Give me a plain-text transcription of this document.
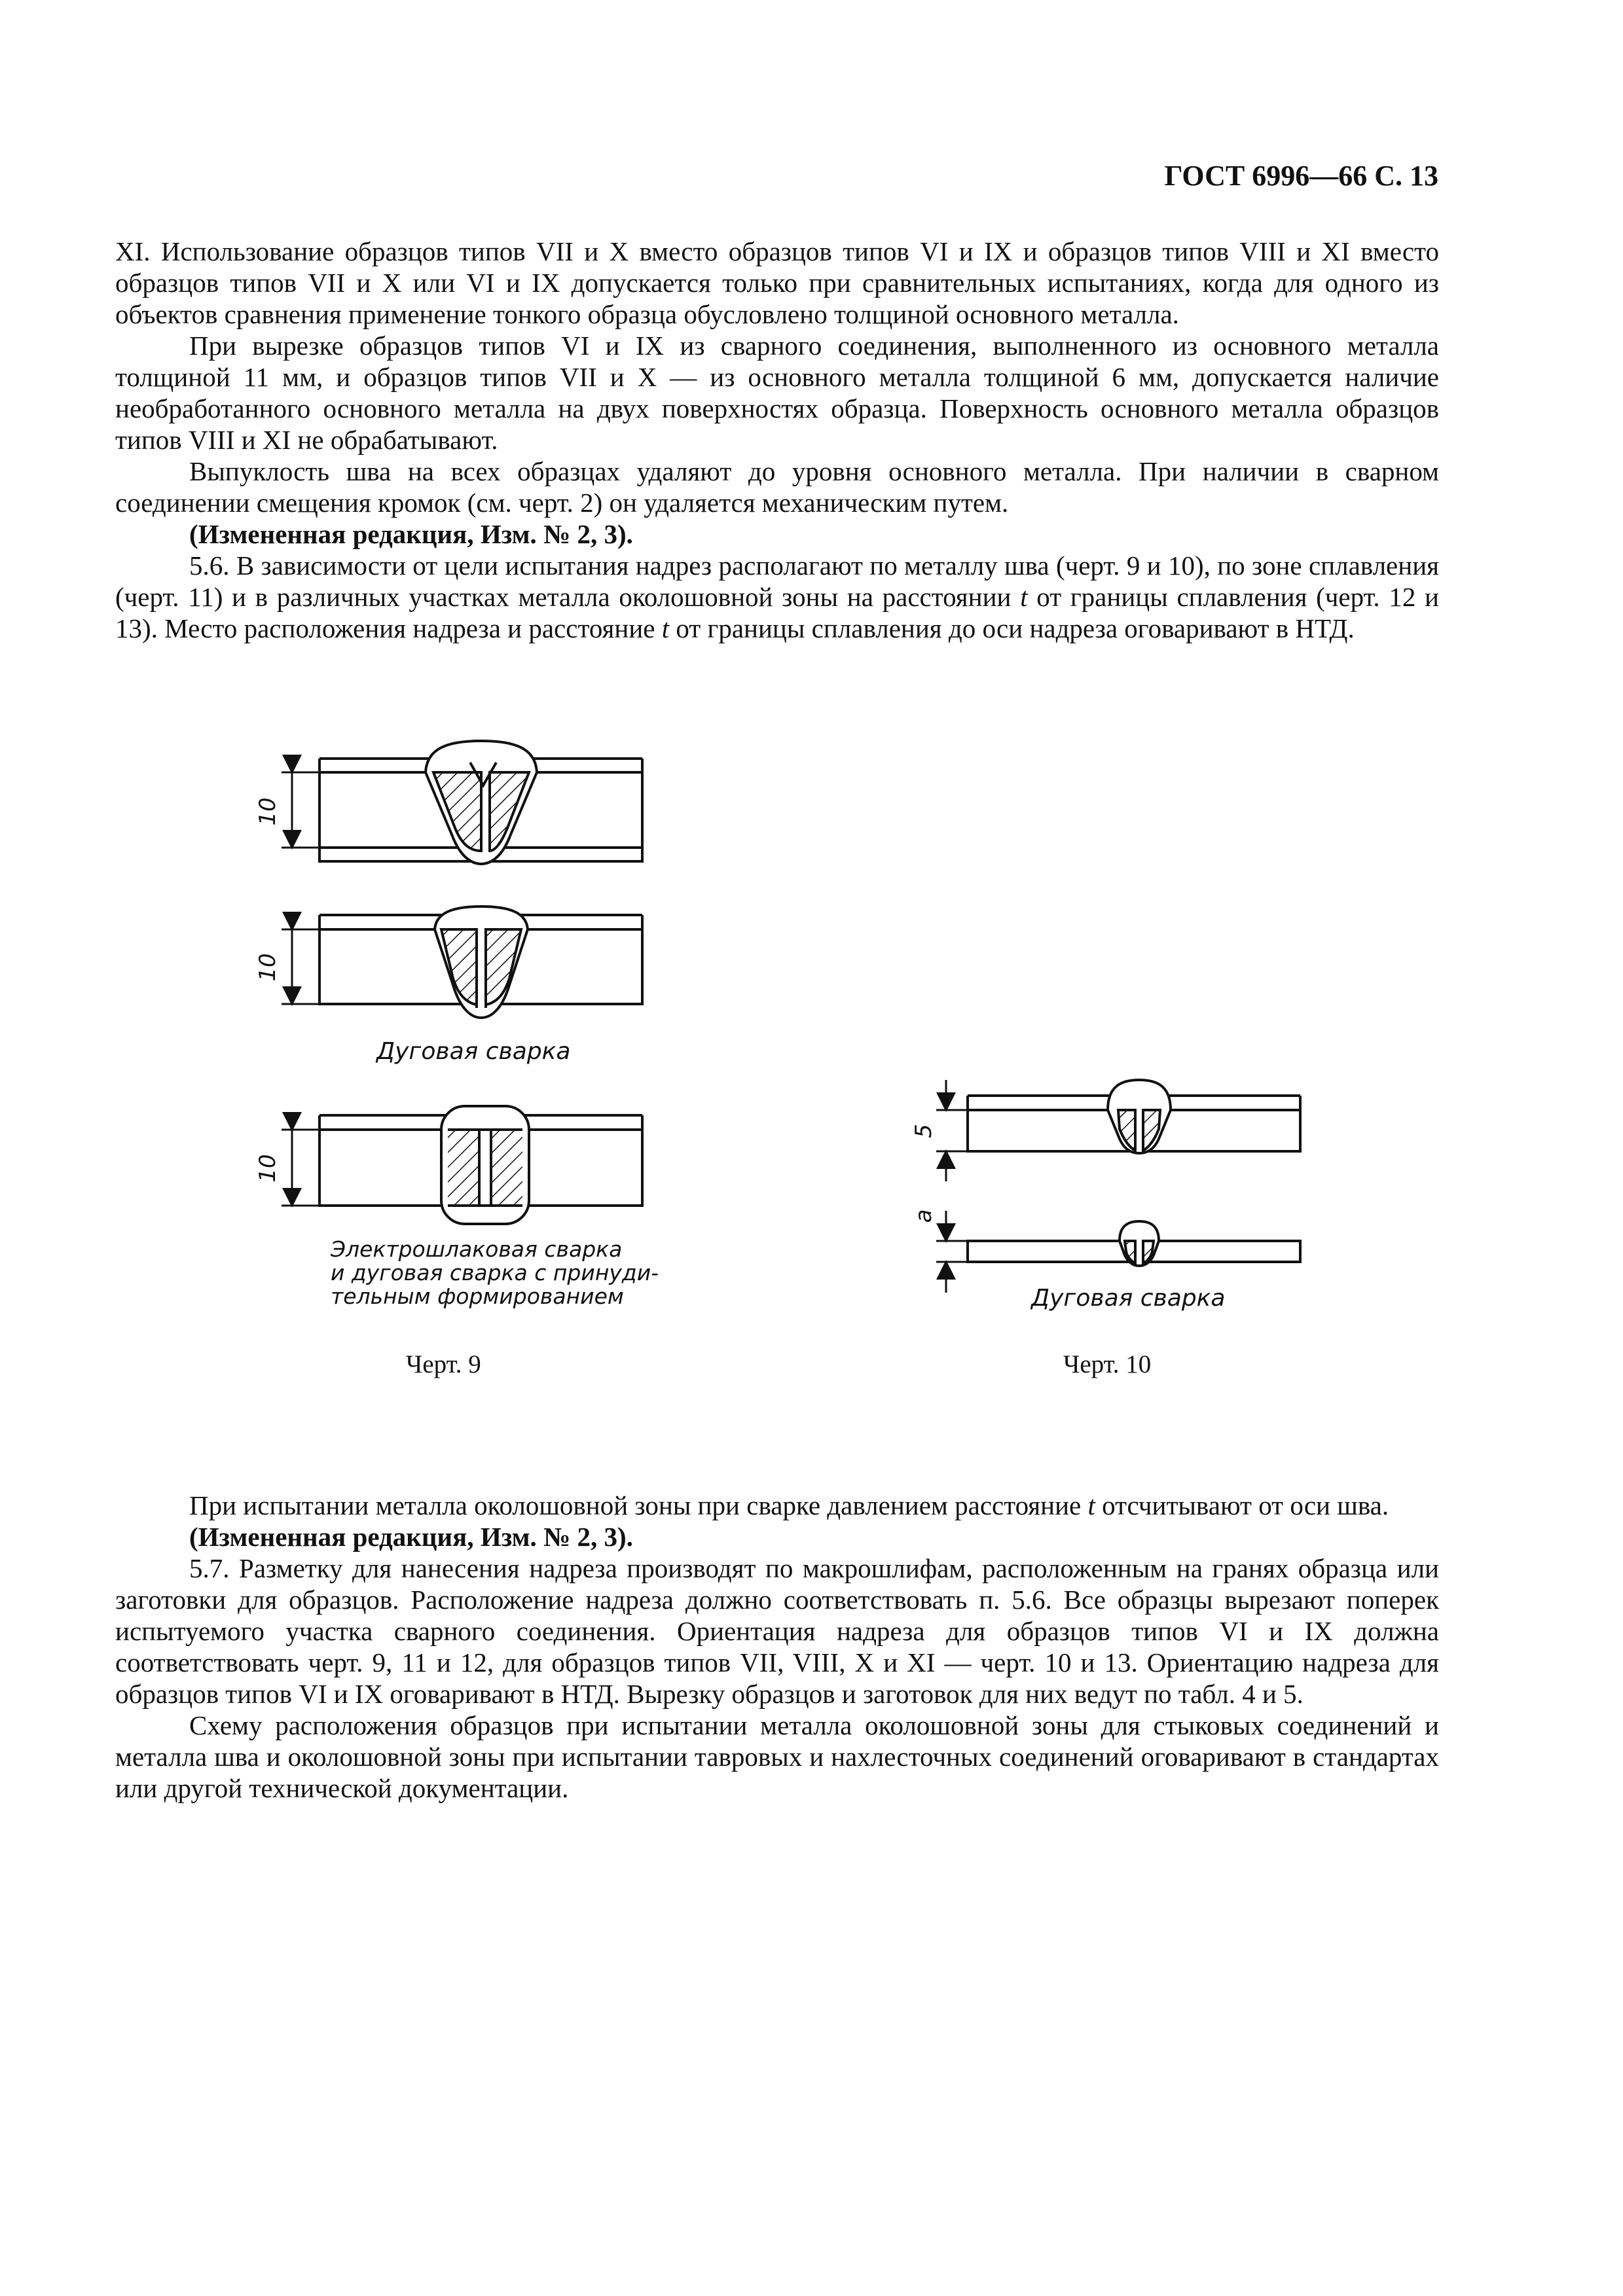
ГОСТ 6996—66 С. 13

XI. Использование образцов типов VII и X вместо образцов типов VI и IX и образцов типов VIII и XI вместо образцов типов VII и X или VI и IX допускается только при сравнительных испытаниях, когда для одного из объектов сравнения применение тонкого образца обусловлено толщиной основного металла.

При вырезке образцов типов VI и IX из сварного соединения, выполненного из основного металла толщиной 11 мм, и образцов типов VII и X — из основного металла толщиной 6 мм, допускается наличие необработанного основного металла на двух поверхностях образца. Поверхность основного металла образцов типов VIII и XI не обрабатывают.

Выпуклость шва на всех образцах удаляют до уровня основного металла. При наличии в сварном соединении смещения кромок (см. черт. 2) он удаляется механическим путем.

(Измененная редакция, Изм. № 2, 3).

5.6. В зависимости от цели испытания надрез располагают по металлу шва (черт. 9 и 10), по зоне сплавления (черт. 11) и в различных участках металла околошовной зоны на расстоянии t от границы сплавления (черт. 12 и 13). Место расположения надреза и расстояние t от границы сплавления до оси надреза оговаривают в НТД.

10
10
10
5
a
Дуговая сварка
Электрошлаковая сварка
и дуговая сварка с принуди-
тельным формированием	Дуговая сварка
Черт. 9	Черт. 10

При испытании металла околошовной зоны при сварке давлением расстояние t отсчитывают от оси шва.

(Измененная редакция, Изм. № 2, 3).

5.7. Разметку для нанесения надреза производят по макрошлифам, расположенным на гранях образца или заготовки для образцов. Расположение надреза должно соответствовать п. 5.6. Все образцы вырезают поперек испытуемого участка сварного соединения. Ориентация надреза для образцов типов VI и IX должна соответствовать черт. 9, 11 и 12, для образцов типов VII, VIII, X и XI — черт. 10 и 13. Ориентацию надреза для образцов типов VI и IX оговаривают в НТД. Вырезку образцов и заготовок для них ведут по табл. 4 и 5.

Схему расположения образцов при испытании металла околошовной зоны для стыковых соединений и металла шва и околошовной зоны при испытании тавровых и нахлесточных соединений оговаривают в стандартах или другой технической документации.
